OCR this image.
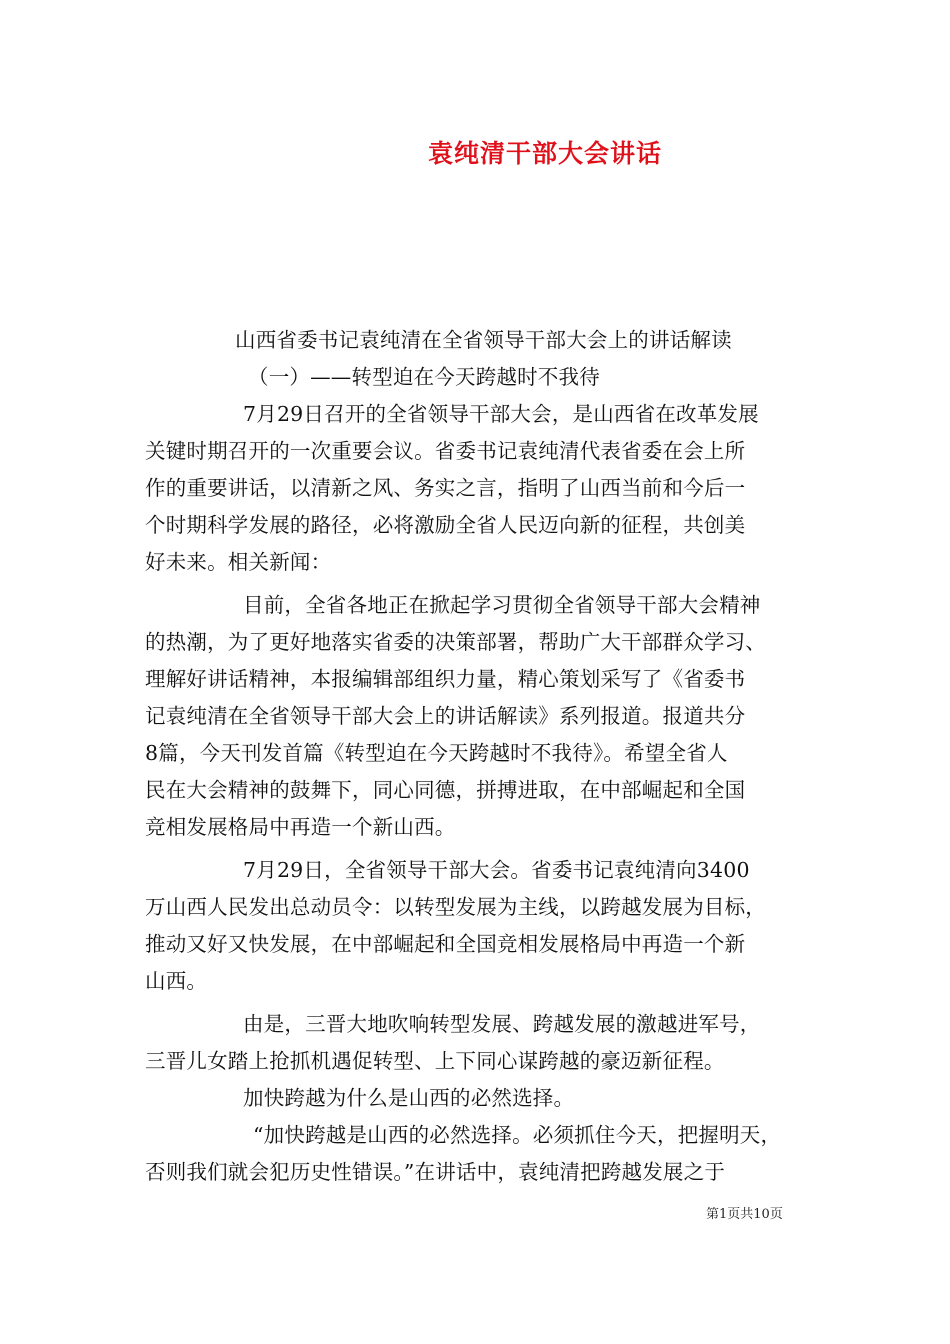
袁纯清干部大会讲话
山西省委书记袁纯清在全省领导干部大会上的讲话解读
（一）——转型迫在今天跨越时不我待
7月29日召开的全省领导干部大会，是山西省在改革发展
关键时期召开的一次重要会议。省委书记袁纯清代表省委在会上所
作的重要讲话，以清新之风、务实之言，指明了山西当前和今后一
个时期科学发展的路径，必将激励全省人民迈向新的征程，共创美
好未来。相关新闻：
目前，全省各地正在掀起学习贯彻全省领导干部大会精神
的热潮，为了更好地落实省委的决策部署，帮助广大干部群众学习、
理解好讲话精神，本报编辑部组织力量，精心策划采写了《省委书
记袁纯清在全省领导干部大会上的讲话解读》系列报道。报道共分
8篇，今天刊发首篇《转型迫在今天跨越时不我待》。希望全省人
民在大会精神的鼓舞下，同心同德，拼搏进取，在中部崛起和全国
竞相发展格局中再造一个新山西。
7月29日，全省领导干部大会。省委书记袁纯清向3400
万山西人民发出总动员令：以转型发展为主线，以跨越发展为目标，
推动又好又快发展，在中部崛起和全国竞相发展格局中再造一个新
山西。
由是，三晋大地吹响转型发展、跨越发展的激越进军号，
三晋儿女踏上抢抓机遇促转型、上下同心谋跨越的豪迈新征程。
加快跨越为什么是山西的必然选择。
“加快跨越是山西的必然选择。必须抓住今天，把握明天，
否则我们就会犯历史性错误。”在讲话中，袁纯清把跨越发展之于
第1页共10页
